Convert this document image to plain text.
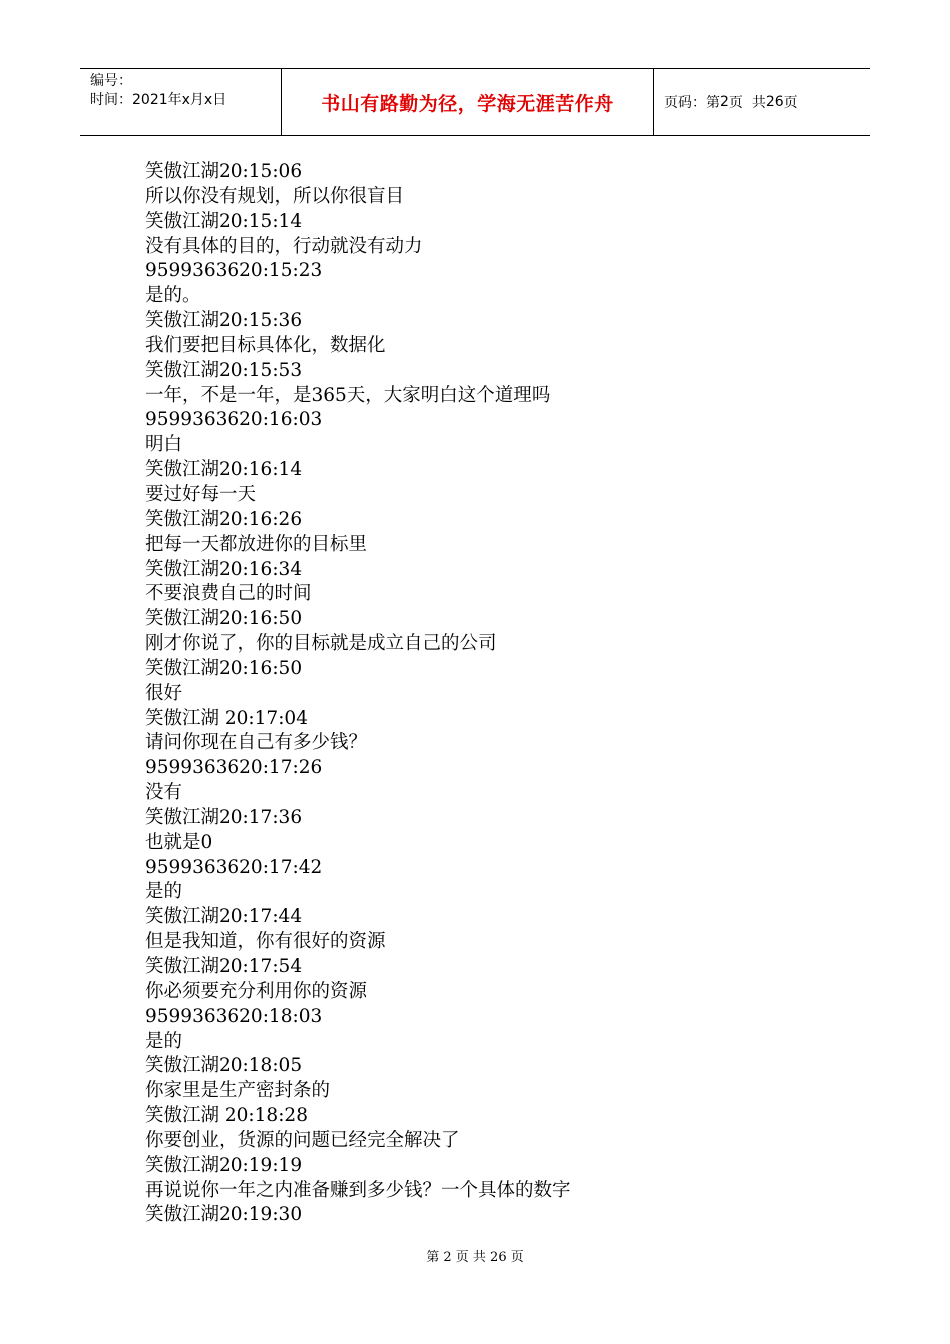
编号：
时间：2021年x月x日	书山有路勤为径，学海无涯苦作舟	页码：第 2 页  共 26 页
笑傲江湖20:15:06
所以你没有规划，所以你很盲目
笑傲江湖20:15:14
没有具体的目的，行动就没有动力
9599363620:15:23
是的。
笑傲江湖20:15:36
我们要把目标具体化，数据化
笑傲江湖20:15:53
一年，不是一年，是365天，大家明白这个道理吗
9599363620:16:03
明白
笑傲江湖20:16:14
要过好每一天
笑傲江湖20:16:26
把每一天都放进你的目标里
笑傲江湖20:16:34
不要浪费自己的时间
笑傲江湖20:16:50
刚才你说了，你的目标就是成立自己的公司
笑傲江湖20:16:50
很好
笑傲江湖 20:17:04
请问你现在自己有多少钱？
9599363620:17:26
没有
笑傲江湖20:17:36
也就是0
9599363620:17:42
是的
笑傲江湖20:17:44
但是我知道，你有很好的资源
笑傲江湖20:17:54
你必须要充分利用你的资源
9599363620:18:03
是的
笑傲江湖20:18:05
你家里是生产密封条的
笑傲江湖 20:18:28
你要创业，货源的问题已经完全解决了
笑傲江湖20:19:19
再说说你一年之内准备赚到多少钱？一个具体的数字
笑傲江湖20:19:30
第 2 页 共 26 页
